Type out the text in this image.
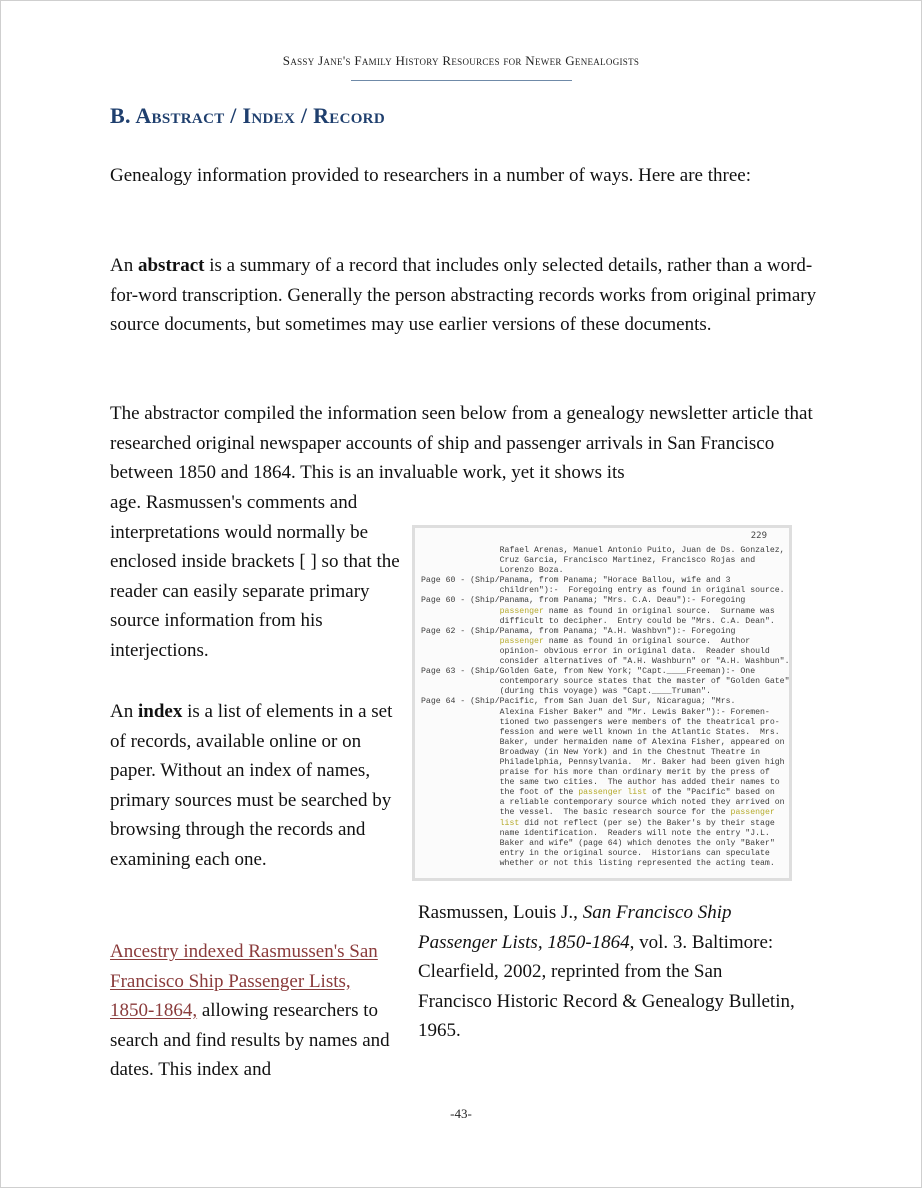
Sassy Jane's Family History Resources for Newer Genealogists
B. Abstract / Index / Record

Genealogy information provided to researchers in a number of ways. Here are three:

An abstract is a summary of a record that includes only selected details, rather than a word-for-word transcription. Generally the person abstracting records works from original primary source documents, but sometimes may use earlier versions of these documents.

The abstractor compiled the information seen below from a genealogy newsletter article that researched original newspaper accounts of ship and passenger arrivals in San Francisco between 1850 and 1864. This is an invaluable work, yet it shows its

age. Rasmussen's comments and interpretations would normally be enclosed inside brackets [ ] so that the reader can easily separate primary source information from his interjections.

An index is a list of elements in a set of records, available online or on paper. Without an index of names, primary sources must be searched by browsing through the records and examining each one.

Ancestry indexed Rasmussen's San Francisco Ship Passenger Lists, 1850-1864, allowing researchers to search and find results by names and dates. This index and

229
Rafael Arenas, Manuel Antonio Puito, Juan de Ds. Gonzalez,
Cruz Garcia, Francisco Martinez, Francisco Rojas and
Lorenzo Boza.
Page 60 - (Ship/Panama, from Panama; "Horace Ballou, wife and 3
children"):-  Foregoing entry as found in original source.
Page 60 - (Ship/Panama, from Panama; "Mrs. C.A. Deau"):- Foregoing
passenger name as found in original source.  Surname was
difficult to decipher.  Entry could be "Mrs. C.A. Dean".
Page 62 - (Ship/Panama, from Panama; "A.H. Washbvn"):- Foregoing
passenger name as found in original source.  Author
opinion- obvious error in original data.  Reader should
consider alternatives of "A.H. Washburn" or "A.H. Washbun".
Page 63 - (Ship/Golden Gate, from New York; "Capt.____Freeman):- One
contemporary source states that the master of "Golden Gate"
(during this voyage) was "Capt.____Truman".
Page 64 - (Ship/Pacific, from San Juan del Sur, Nicaragua; "Mrs.
Alexina Fisher Baker" and "Mr. Lewis Baker"):- Foremen-
tioned two passengers were members of the theatrical pro-
fession and were well known in the Atlantic States.  Mrs.
Baker, under hermaiden name of Alexina Fisher, appeared on
Broadway (in New York) and in the Chestnut Theatre in
Philadelphia, Pennsylvania.  Mr. Baker had been given high
praise for his more than ordinary merit by the press of
the same two cities.  The author has added their names to
the foot of the passenger list of the "Pacific" based on
a reliable contemporary source which noted they arrived on
the vessel.  The basic research source for the passenger
list did not reflect (per se) the Baker's by their stage
name identification.  Readers will note the entry "J.L.
Baker and wife" (page 64) which denotes the only "Baker"
entry in the original source.  Historians can speculate
whether or not this listing represented the acting team.

Rasmussen, Louis J., San Francisco Ship Passenger Lists, 1850-1864, vol. 3. Baltimore: Clearfield, 2002, reprinted from the San Francisco Historic Record & Genealogy Bulletin, 1965.

-43-
